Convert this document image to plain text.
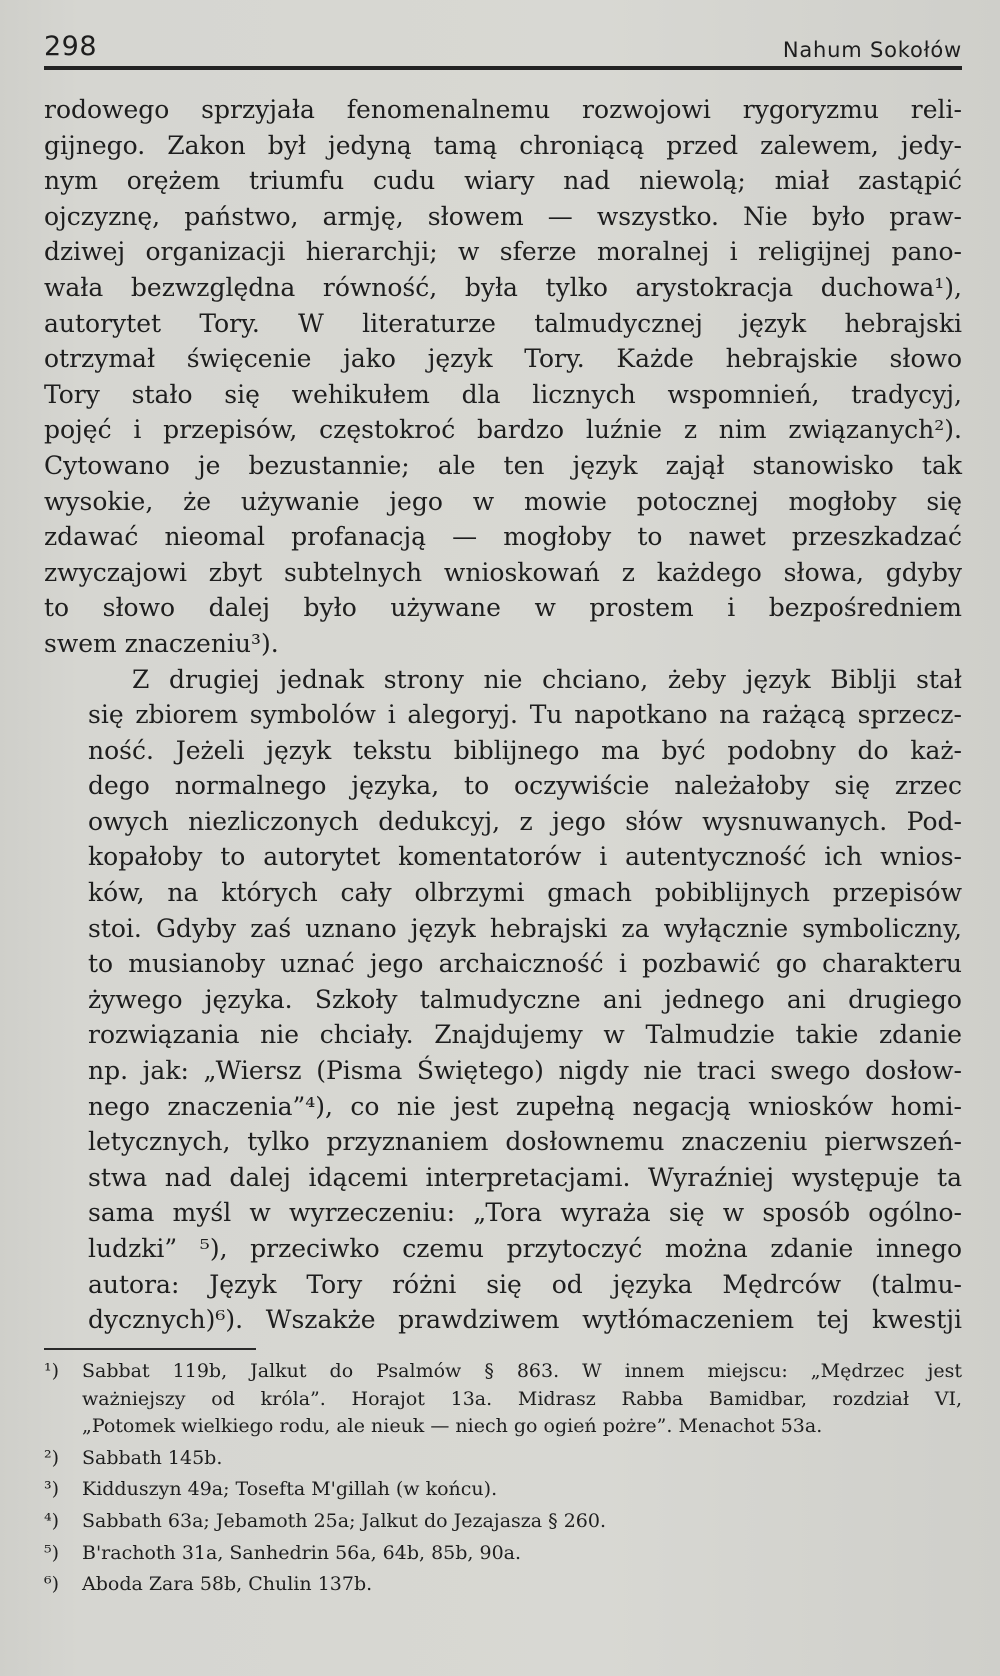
298	Nahum Sokołów

rodowego sprzyjała fenomenalnemu rozwojowi rygoryzmu reli-
gijnego. Zakon był jedyną tamą chroniącą przed zalewem, jedy-
nym orężem triumfu cudu wiary nad niewolą; miał zastąpić
ojczyznę, państwo, armję, słowem — wszystko. Nie było praw-
dziwej organizacji hierarchji; w sferze moralnej i religijnej pano-
wała bezwzględna równość, była tylko arystokracja duchowa¹),
autorytet Tory. W literaturze talmudycznej język hebrajski
otrzymał święcenie jako język Tory. Każde hebrajskie słowo
Tory stało się wehikułem dla licznych wspomnień, tradycyj,
pojęć i przepisów, częstokroć bardzo luźnie z nim związanych²).
Cytowano je bezustannie; ale ten język zajął stanowisko tak
wysokie, że używanie jego w mowie potocznej mogłoby się
zdawać nieomal profanacją — mogłoby to nawet przeszkadzać
zwyczajowi zbyt subtelnych wnioskowań z każdego słowa, gdyby
to słowo dalej było używane w prostem i bezpośredniem
swem znaczeniu³).

Z drugiej jednak strony nie chciano, żeby język Biblji stał
się zbiorem symbolów i alegoryj. Tu napotkano na rażącą sprzecz-
ność. Jeżeli język tekstu biblijnego ma być podobny do każ-
dego normalnego języka, to oczywiście należałoby się zrzec
owych niezliczonych dedukcyj, z jego słów wysnuwanych. Pod-
kopałoby to autorytet komentatorów i autentyczność ich wnios-
ków, na których cały olbrzymi gmach pobiblijnych przepisów
stoi. Gdyby zaś uznano język hebrajski za wyłącznie symboliczny,
to musianoby uznać jego archaiczność i pozbawić go charakteru
żywego języka. Szkoły talmudyczne ani jednego ani drugiego
rozwiązania nie chciały. Znajdujemy w Talmudzie takie zdanie
np. jak: „Wiersz (Pisma Świętego) nigdy nie traci swego dosłow-
nego znaczenia”⁴), co nie jest zupełną negacją wniosków homi-
letycznych, tylko przyznaniem dosłownemu znaczeniu pierwszeń-
stwa nad dalej idącemi interpretacjami. Wyraźniej występuje ta
sama myśl w wyrzeczeniu: „Tora wyraża się w sposób ogólno-
ludzki” ⁵), przeciwko czemu przytoczyć można zdanie innego
autora: Język Tory różni się od języka Mędrców (talmu-
dycznych)⁶). Wszakże prawdziwem wytłómaczeniem tej kwestji

¹)	Sabbat 119b, Jalkut do Psalmów § 863. W innem miejscu: „Mędrzec jest
ważniejszy od króla”. Horajot 13a. Midrasz Rabba Bamidbar, rozdział VI,
„Potomek wielkiego rodu, ale nieuk — niech go ogień pożre”. Menachot 53a.
²)	Sabbath 145b.
³)	Kidduszyn 49a; Tosefta M'gillah (w końcu).
⁴)	Sabbath 63a; Jebamoth 25a; Jalkut do Jezajasza § 260.
⁵)	B'rachoth 31a, Sanhedrin 56a, 64b, 85b, 90a.
⁶)	Aboda Zara 58b, Chulin 137b.
